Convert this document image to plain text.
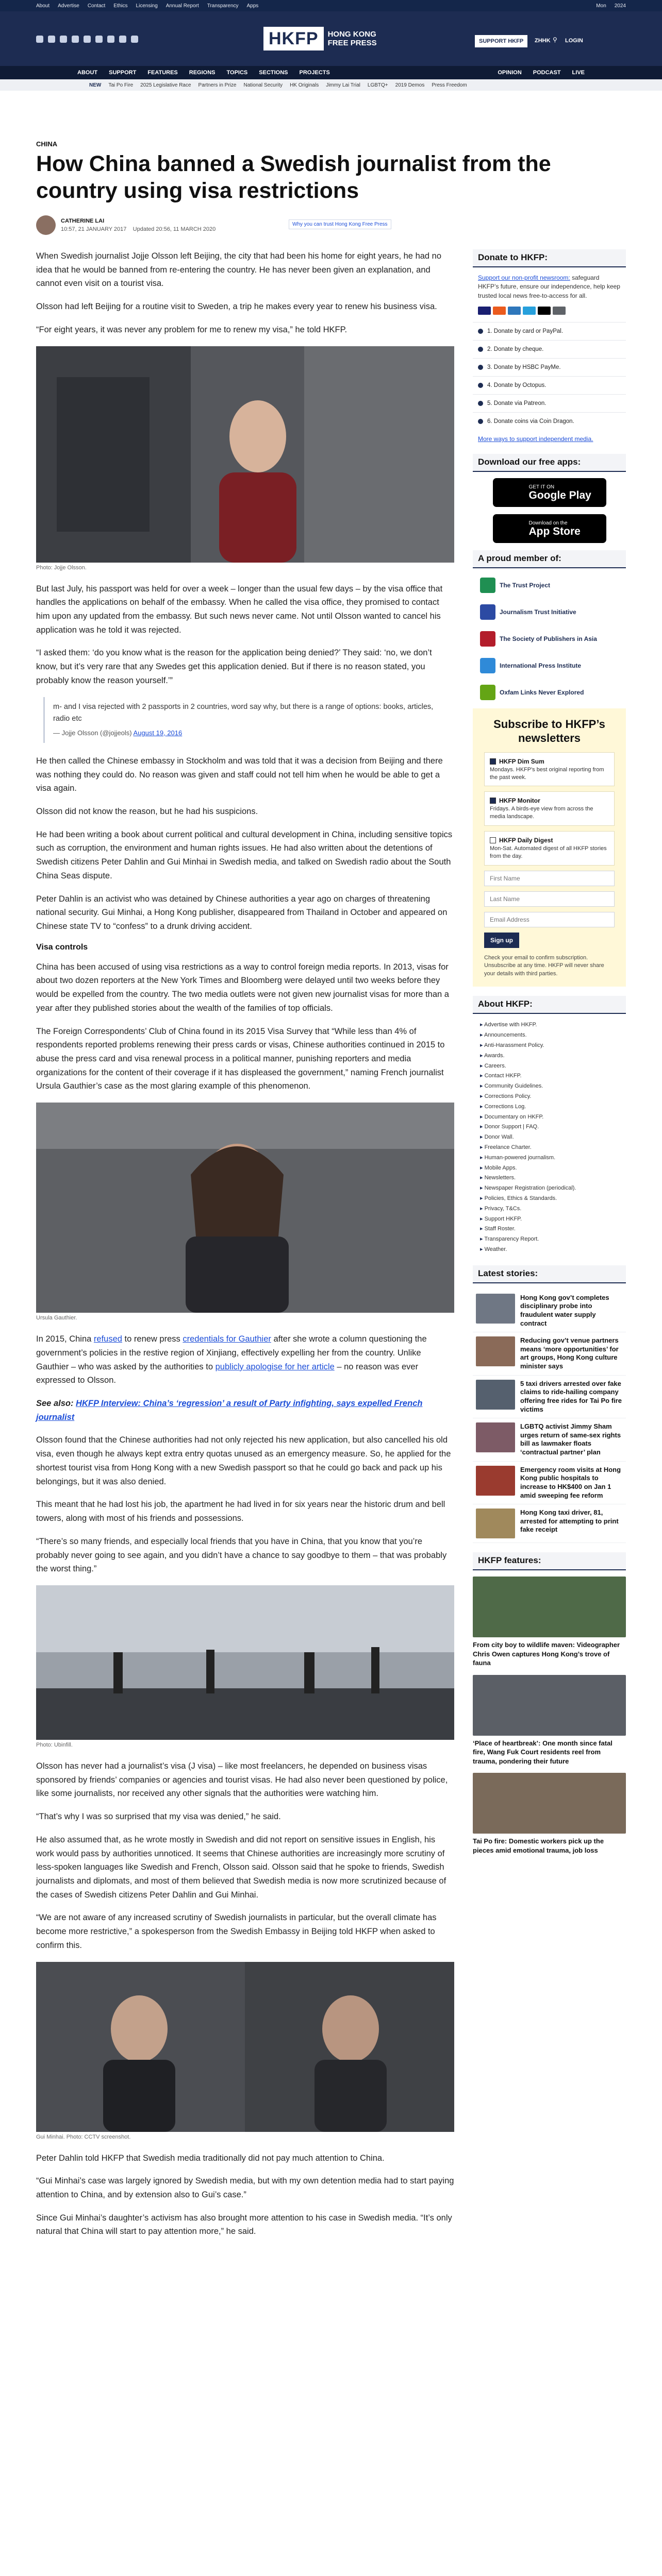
About Advertise Contact Ethics Licensing Annual Report Transparency Apps	Mon 2024
HKFP	HONG KONG
FREE PRESS	SUPPORT HKFP	ZHHK ⚲ LOGIN
ABOUT SUPPORT FEATURES REGIONS TOPICS SECTIONS PROJECTS	OPINION PODCAST LIVE
NEW Tai Po Fire 2025 Legislative Race Partners in Prize National Security HK Originals Jimmy Lai Trial LGBTQ+ 2019 Demos Press Freedom
CHINA
How China banned a Swedish journalist from the country using visa restrictions
CATHERINE LAI
10:57, 21 JANUARY 2017 Updated 20:56, 11 MARCH 2020
Why you can trust Hong Kong Free Press

When Swedish journalist Jojje Olsson left Beijing, the city that had been his home for eight years, he had no idea that he would be banned from re-entering the country. He has never been given an explanation, and cannot even visit on a tourist visa.

Olsson had left Beijing for a routine visit to Sweden, a trip he makes every year to renew his business visa.

“For eight years, it was never any problem for me to renew my visa,” he told HKFP.

Photo: Jojje Olsson.

But last July, his passport was held for over a week – longer than the usual few days – by the visa office that handles the applications on behalf of the embassy. When he called the visa office, they promised to contact him upon any updated from the embassy. But such news never came. Not until Olsson wanted to cancel his application was he told it was rejected.

“I asked them: ‘do you know what is the reason for the application being denied?’ They said: ‘no, we don’t know, but it’s very rare that any Swedes get this application denied. But if there is no reason stated, you probably know the reason yourself.’”

m- and I visa rejected with 2 passports in 2 countries, word say why, but there is a range of options: books, articles, radio etc
— Jojje Olsson (@jojjeols) August 19, 2016

He then called the Chinese embassy in Stockholm and was told that it was a decision from Beijing and there was nothing they could do. No reason was given and staff could not tell him when he would be able to get a visa again.

Olsson did not know the reason, but he had his suspicions.

He had been writing a book about current political and cultural development in China, including sensitive topics such as corruption, the environment and human rights issues. He had also written about the detentions of Swedish citizens Peter Dahlin and Gui Minhai in Swedish media, and talked on Swedish radio about the South China Seas dispute.

Peter Dahlin is an activist who was detained by Chinese authorities a year ago on charges of threatening national security. Gui Minhai, a Hong Kong publisher, disappeared from Thailand in October and appeared on Chinese state TV to “confess” to a drunk driving accident.

Visa controls

China has been accused of using visa restrictions as a way to control foreign media reports. In 2013, visas for about two dozen reporters at the New York Times and Bloomberg were delayed until two weeks before they would be expelled from the country. The two media outlets were not given new journalist visas for more than a year after they published stories about the wealth of the families of top officials.

The Foreign Correspondents’ Club of China found in its 2015 Visa Survey that “While less than 4% of respondents reported problems renewing their press cards or visas, Chinese authorities continued in 2015 to abuse the press card and visa renewal process in a political manner, punishing reporters and media organizations for the content of their coverage if it has displeased the government,” naming French journalist Ursula Gauthier’s case as the most glaring example of this phenomenon.

Ursula Gauthier.

In 2015, China refused to renew press credentials for Gauthier after she wrote a column questioning the government’s policies in the restive region of Xinjiang, effectively expelling her from the country. Unlike Gauthier – who was asked by the authorities to publicly apologise for her article – no reason was ever expressed to Olsson.

See also: HKFP Interview: China’s ‘regression’ a result of Party infighting, says expelled French journalist

Olsson found that the Chinese authorities had not only rejected his new application, but also cancelled his old visa, even though he always kept extra entry quotas unused as an emergency measure. So, he applied for the shortest tourist visa from Hong Kong with a new Swedish passport so that he could go back and pack up his belongings, but it was also denied.

This meant that he had lost his job, the apartment he had lived in for six years near the historic drum and bell towers, along with most of his friends and possessions.

“There’s so many friends, and especially local friends that you have in China, that you know that you’re probably never going to see again, and you didn’t have a chance to say goodbye to them – that was probably the worst thing.”

Photo: Ubinfill.

Olsson has never had a journalist’s visa (J visa) – like most freelancers, he depended on business visas sponsored by friends’ companies or agencies and tourist visas. He had also never been questioned by police, like some journalists, nor received any other signals that the authorities were watching him.

“That’s why I was so surprised that my visa was denied,” he said.

He also assumed that, as he wrote mostly in Swedish and did not report on sensitive issues in English, his work would pass by authorities unnoticed. It seems that Chinese authorities are increasingly more scrutiny of less-spoken languages like Swedish and French, Olsson said. Olsson said that he spoke to friends, Swedish journalists and diplomats, and most of them believed that Swedish media is now more scrutinized because of the cases of Swedish citizens Peter Dahlin and Gui Minhai.

“We are not aware of any increased scrutiny of Swedish journalists in particular, but the overall climate has become more restrictive,” a spokesperson from the Swedish Embassy in Beijing told HKFP when asked to confirm this.

Gui Minhai. Photo: CCTV screenshot.

Peter Dahlin told HKFP that Swedish media traditionally did not pay much attention to China.

“Gui Minhai’s case was largely ignored by Swedish media, but with my own detention media had to start paying attention to China, and by extension also to Gui’s case.”

Since Gui Minhai’s daughter’s activism has also brought more attention to his case in Swedish media. “It’s only natural that China will start to pay attention more,” he said.

Donate to HKFP:
Support our non-profit newsroom: safeguard HKFP’s future, ensure our independence, help keep trusted local news free-to-access for all.
1. Donate by card or PayPal.
2. Donate by cheque.
3. Donate by HSBC PayMe.
4. Donate by Octopus.
5. Donate via Patreon.
6. Donate coins via Coin Dragon.
More ways to support independent media.
Download our free apps:
GET IT ON
Google Play
Download on the
App Store
A proud member of:
The Trust Project
Journalism Trust Initiative
The Society of Publishers in Asia
International Press Institute
Oxfam Links Never Explored
Subscribe to HKFP’s newsletters
HKFP Dim Sum
Mondays. HKFP's best original reporting from the past week.
HKFP Monitor
Fridays. A birds-eye view from across the media landscape.
HKFP Daily Digest
Mon-Sat. Automated digest of all HKFP stories from the day.
First Name Last Name Email Address Sign up
Check your email to confirm subscription. Unsubscribe at any time. HKFP will never share your details with third parties.
About HKFP:
▸ Advertise with HKFP.
▸ Announcements.
▸ Anti-Harassment Policy.
▸ Awards.
▸ Careers.
▸ Contact HKFP.
▸ Community Guidelines.
▸ Corrections Policy.
▸ Corrections Log.
▸ Documentary on HKFP.
▸ Donor Support | FAQ.
▸ Donor Wall.
▸ Freelance Charter.
▸ Human-powered journalism.
▸ Mobile Apps.
▸ Newsletters.
▸ Newspaper Registration (periodical).
▸ Policies, Ethics & Standards.
▸ Privacy, T&Cs.
▸ Support HKFP.
▸ Staff Roster.
▸ Transparency Report.
▸ Weather.
Latest stories:
Hong Kong gov’t completes disciplinary probe into fraudulent water supply contract
Reducing gov’t venue partners means ‘more opportunities’ for art groups, Hong Kong culture minister says
5 taxi drivers arrested over fake claims to ride-hailing company offering free rides for Tai Po fire victims
LGBTQ activist Jimmy Sham urges return of same-sex rights bill as lawmaker floats ‘contractual partner’ plan
Emergency room visits at Hong Kong public hospitals to increase to HK$400 on Jan 1 amid sweeping fee reform
Hong Kong taxi driver, 81, arrested for attempting to print fake receipt
HKFP features:
From city boy to wildlife maven: Videographer Chris Owen captures Hong Kong’s trove of fauna
‘Place of heartbreak’: One month since fatal fire, Wang Fuk Court residents reel from trauma, pondering their future
Tai Po fire: Domestic workers pick up the pieces amid emotional trauma, job loss
